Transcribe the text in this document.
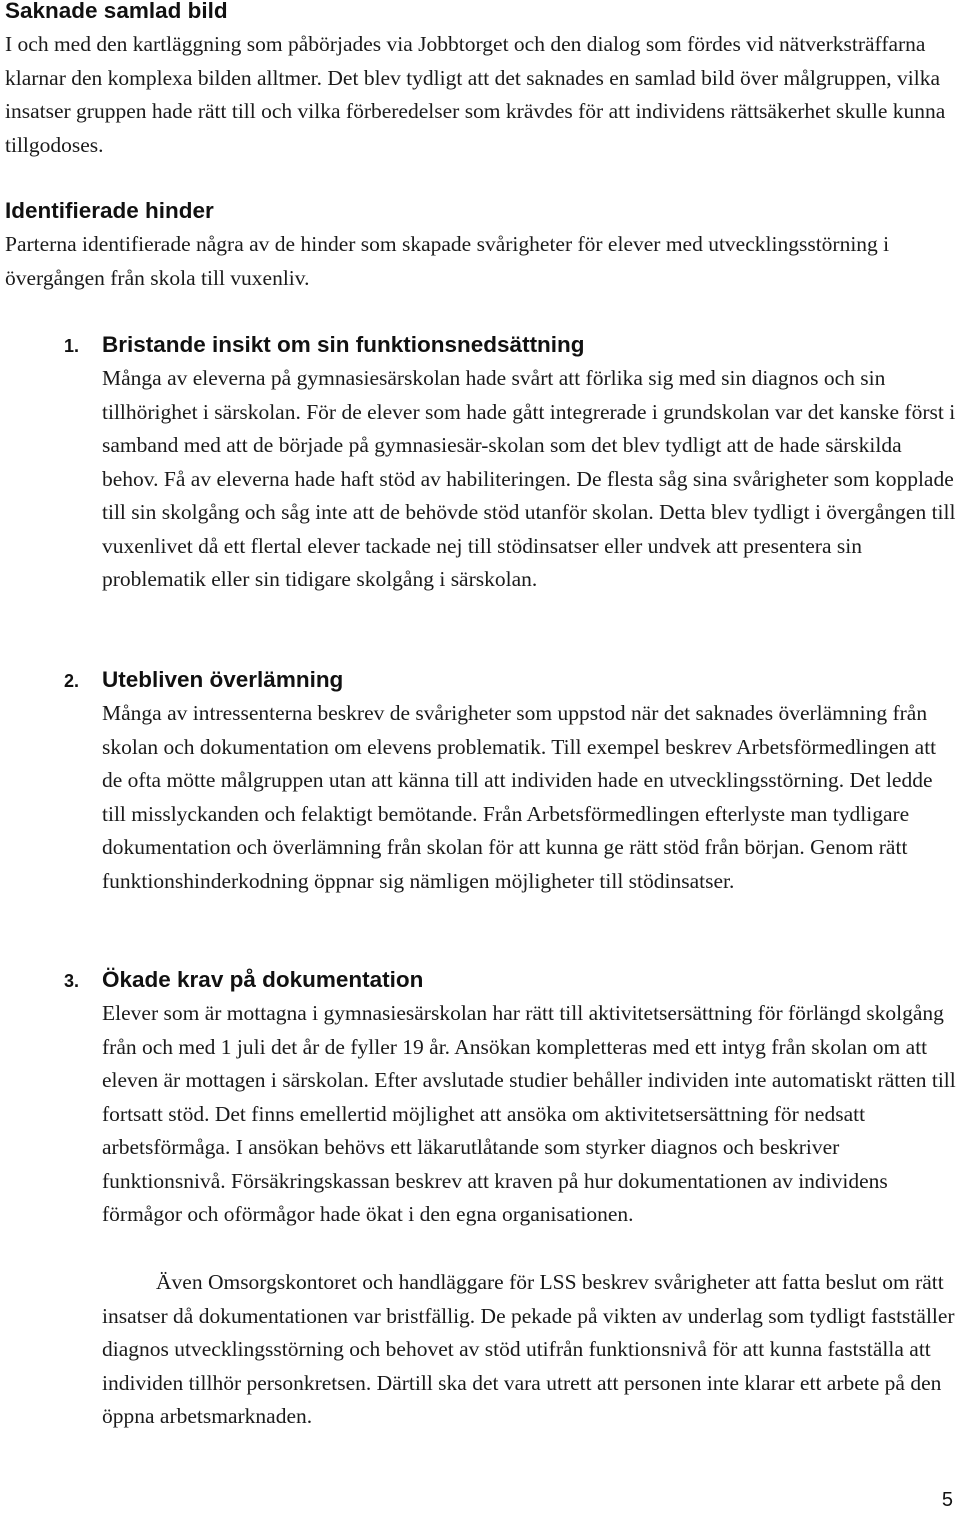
Saknade samlad bild

I och med den kartläggning som påbörjades via Jobbtorget och den dialog som fördes vid nätverksträffarna klarnar den komplexa bilden alltmer. Det blev tydligt att det saknades en samlad bild över målgruppen, vilka insatser gruppen hade rätt till och vilka förberedelser som krävdes för att individens rättsäkerhet skulle kunna tillgodoses.

Identifierade hinder

Parterna identifierade några av de hinder som skapade svårigheter för elever med utvecklingsstörning i övergången från skola till vuxenliv.

1. Bristande insikt om sin funktionsnedsättning

Många av eleverna på gymnasiesärskolan hade svårt att förlika sig med sin diagnos och sin tillhörighet i särskolan. För de elever som hade gått integrerade i grundskolan var det kanske först i samband med att de började på gymnasiesär-skolan som det blev tydligt att de hade särskilda behov. Få av eleverna hade haft stöd av habiliteringen. De flesta såg sina svårigheter som kopplade till sin skolgång och såg inte att de behövde stöd utanför skolan. Detta blev tydligt i övergången till vuxenlivet då ett flertal elever tackade nej till stödinsatser eller undvek att presentera sin problematik eller sin tidigare skolgång i särskolan.

2. Utebliven överlämning

Många av intressenterna beskrev de svårigheter som uppstod när det saknades överlämning från skolan och dokumentation om elevens problematik. Till exempel beskrev Arbetsförmedlingen att de ofta mötte målgruppen utan att känna till att individen hade en utvecklingsstörning. Det ledde till misslyckanden och felaktigt bemötande. Från Arbetsförmedlingen efterlyste man tydligare dokumentation och överlämning från skolan för att kunna ge rätt stöd från början. Genom rätt funktionshinderkodning öppnar sig nämligen möjligheter till stödinsatser.

3. Ökade krav på dokumentation

Elever som är mottagna i gymnasiesärskolan har rätt till aktivitetsersättning för förlängd skolgång från och med 1 juli det år de fyller 19 år. Ansökan kompletteras med ett intyg från skolan om att eleven är mottagen i särskolan. Efter avslutade studier behåller individen inte automatiskt rätten till fortsatt stöd. Det finns emellertid möjlighet att ansöka om aktivitetsersättning för nedsatt arbetsförmåga. I ansökan behövs ett läkarutlåtande som styrker diagnos och beskriver funktionsnivå. Försäkringskassan beskrev att kraven på hur dokumentationen av individens förmågor och oförmågor hade ökat i den egna organisationen.

Även Omsorgskontoret och handläggare för LSS beskrev svårigheter att fatta beslut om rätt insatser då dokumentationen var bristfällig. De pekade på vikten av underlag som tydligt fastställer diagnos utvecklingsstörning och behovet av stöd utifrån funktionsnivå för att kunna fastställa att individen tillhör personkretsen. Därtill ska det vara utrett att personen inte klarar ett arbete på den öppna arbetsmarknaden.

5
